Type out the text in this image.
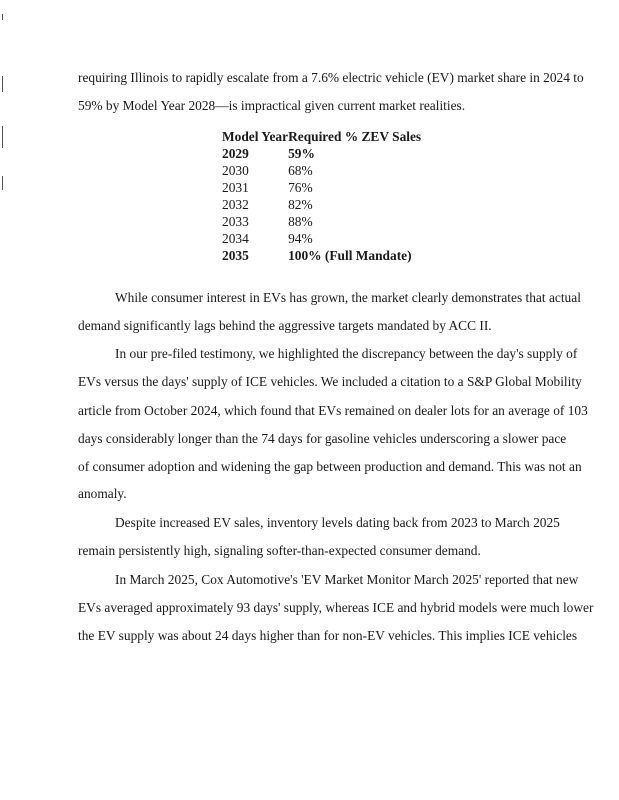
requiring Illinois to rapidly escalate from a 7.6% electric vehicle (EV) market share in 2024 to
59% by Model Year 2028—is impractical given current market realities.
Model Year	Required % ZEV Sales
2029	59%
2030	68%
2031	76%
2032	82%
2033	88%
2034	94%
2035	100% (Full Mandate)
While consumer interest in EVs has grown, the market clearly demonstrates that actual
demand significantly lags behind the aggressive targets mandated by ACC II.
In our pre-filed testimony, we highlighted the discrepancy between the day's supply of
EVs versus the days' supply of ICE vehicles. We included a citation to a S&P Global Mobility
article from October 2024, which found that EVs remained on dealer lots for an average of 103
days considerably longer than the 74 days for gasoline vehicles underscoring a slower pace
of consumer adoption and widening the gap between production and demand. This was not an
anomaly.
Despite increased EV sales, inventory levels dating back from 2023 to March 2025
remain persistently high, signaling softer-than-expected consumer demand.
In March 2025, Cox Automotive's 'EV Market Monitor March 2025' reported that new
EVs averaged approximately 93 days' supply, whereas ICE and hybrid models were much lower
the EV supply was about 24 days higher than for non-EV vehicles. This implies ICE vehicles
